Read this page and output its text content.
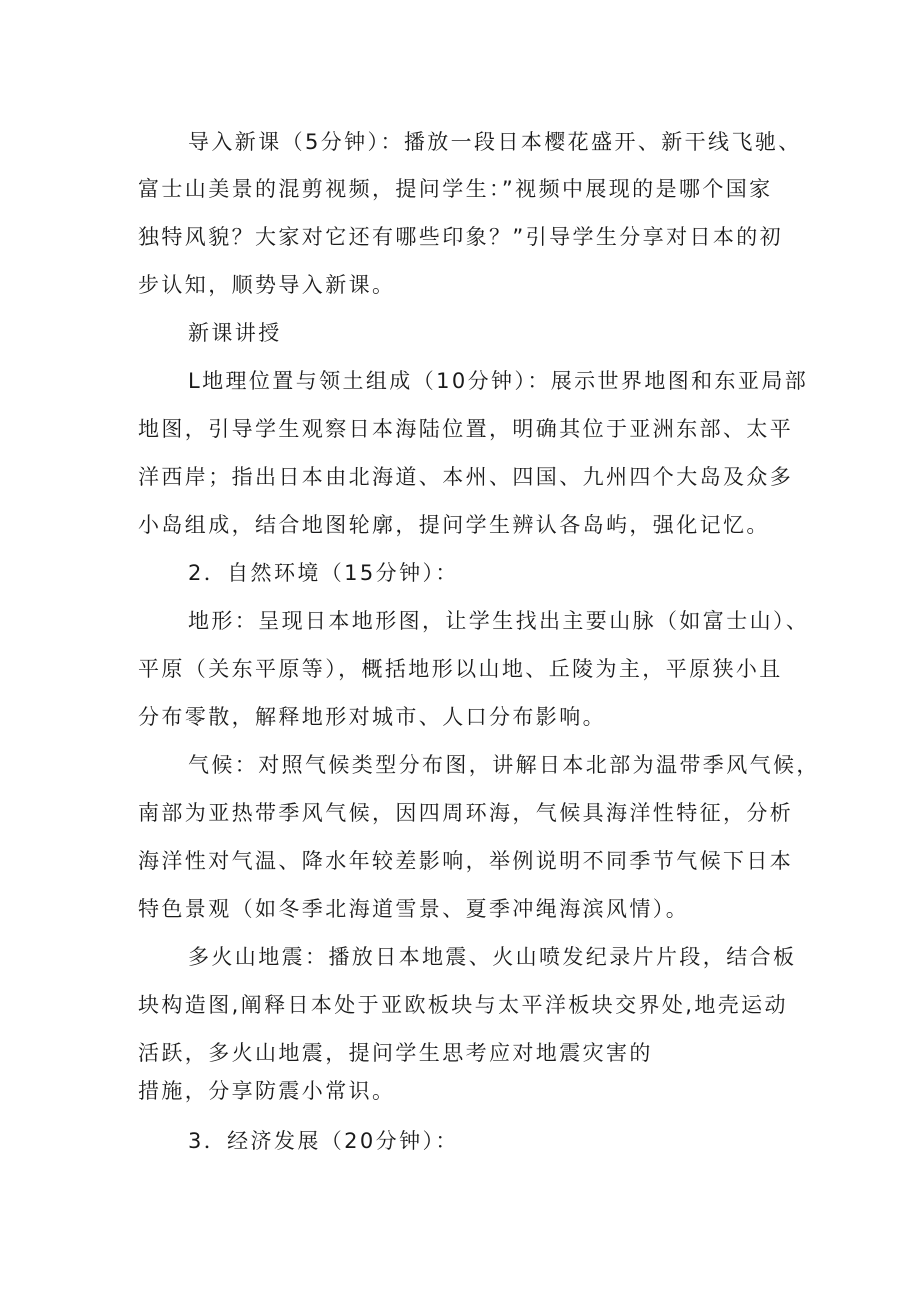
导入新课（5分钟）：播放一段日本樱花盛开、新干线飞驰、
富士山美景的混剪视频，提问学生：”视频中展现的是哪个国家
独特风貌？大家对它还有哪些印象？”引导学生分享对日本的初
步认知，顺势导入新课。
新课讲授
L地理位置与领土组成（10分钟）：展示世界地图和东亚局部
地图，引导学生观察日本海陆位置，明确其位于亚洲东部、太平
洋西岸；指出日本由北海道、本州、四国、九州四个大岛及众多
小岛组成，结合地图轮廓，提问学生辨认各岛屿，强化记忆。
2．自然环境（15分钟）：
地形：呈现日本地形图，让学生找出主要山脉（如富士山）、
平原（关东平原等），概括地形以山地、丘陵为主，平原狭小且
分布零散，解释地形对城市、人口分布影响。
气候：对照气候类型分布图，讲解日本北部为温带季风气候，
南部为亚热带季风气候，因四周环海，气候具海洋性特征，分析
海洋性对气温、降水年较差影响，举例说明不同季节气候下日本
特色景观（如冬季北海道雪景、夏季冲绳海滨风情）。
多火山地震：播放日本地震、火山喷发纪录片片段，结合板
块构造图,阐释日本处于亚欧板块与太平洋板块交界处,地壳运动
活跃，多火山地震，提问学生思考应对地震灾害的
措施，分享防震小常识。
3．经济发展（20分钟）：
